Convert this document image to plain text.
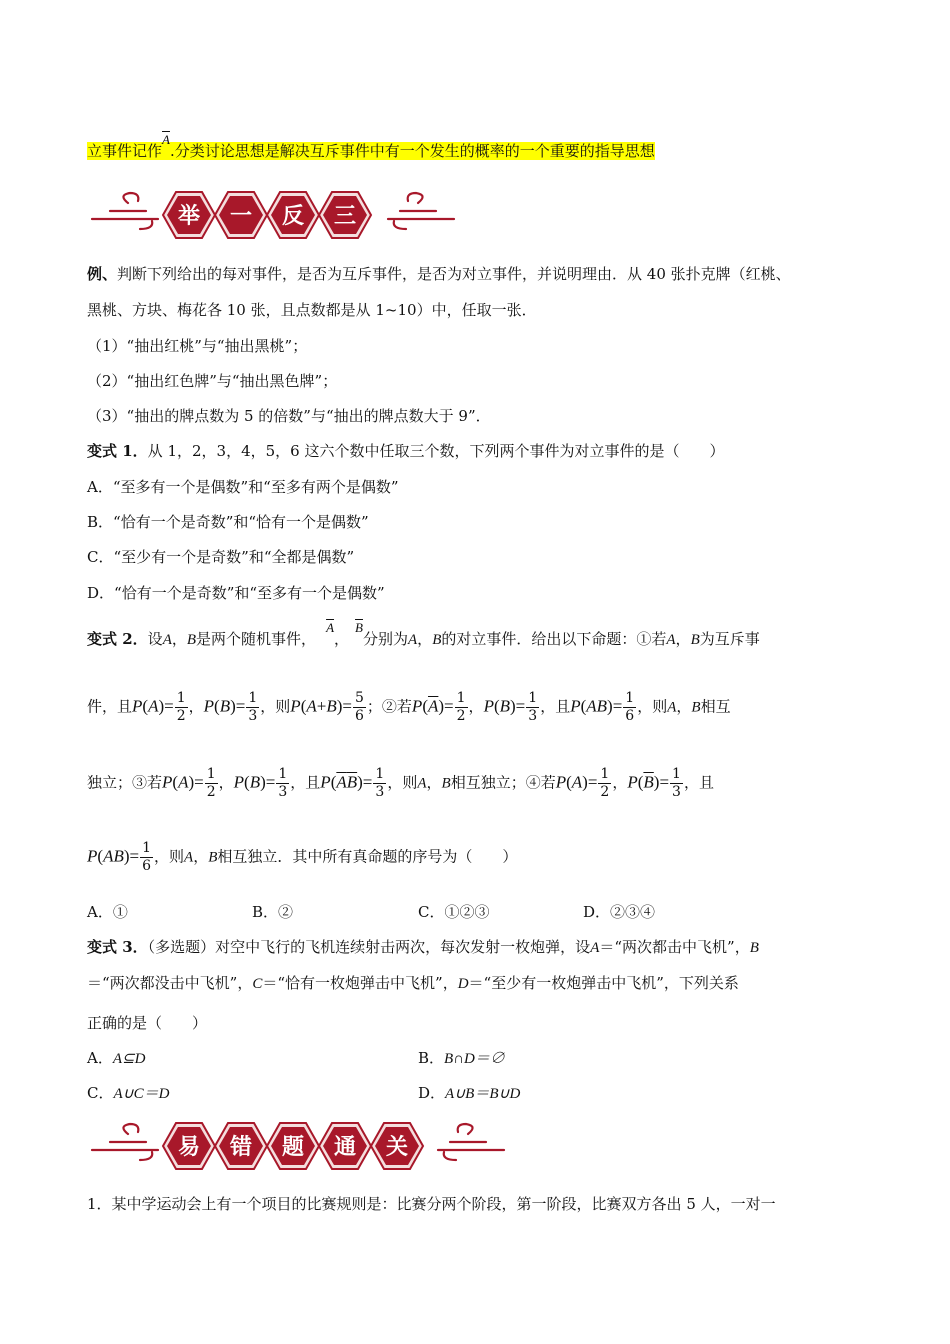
立事件记作$\overline{A}$.分类讨论思想是解决互斥事件中有一个发生的概率的一个重要的指导思想
举 一 反 三
例、判断下列给出的每对事件，是否为互斥事件，是否为对立事件，并说明理由．从 40 张扑克牌（红桃、
黑桃、方块、梅花各 10 张，且点数都是从 1~10）中，任取一张．
（1）“抽出红桃”与“抽出黑桃”；
（2）“抽出红色牌”与“抽出黑色牌”；
（3）“抽出的牌点数为 5 的倍数”与“抽出的牌点数大于 9”．
变式 1．从 1，2，3，4，5，6 这六个数中任取三个数，下列两个事件为对立事件的是（　　）
A．“至多有一个是偶数”和“至多有两个是偶数”
B．“恰有一个是奇数”和“恰有一个是偶数”
C．“至少有一个是奇数”和“全都是偶数”
D．“恰有一个是奇数”和“至多有一个是偶数”
变式 2．设A，B是两个随机事件，$\overline{A}$，$\overline{B}$分别为A，B的对立事件．给出以下命题：①若A，B为互斥事
件，且$P(A)= \frac{1}{2}$ ，$P(B)= \frac{1}{3}$ ，则$P(A+B)= \frac{5}{6}$ ；②若$P(\overline{A})= \frac{1}{2}$ ，$P(B)= \frac{1}{3}$ ，且$P(AB)= \frac{1}{6}$ ，则A，B相互
独立；③若$P(A)= \frac{1}{2}$ ，$P(B)= \frac{1}{3}$ ，且$P(AB)= \frac{1}{3}$ ，则A，B相互独立；④若$P(A)= \frac{1}{2}$ ，$P(\overline{B})= \frac{1}{3}$ ，且
$P(AB)= \frac{1}{6}$ ，则A，B相互独立．其中所有真命题的序号为（　　）
A．①	B．②	C．①②③	D．②③④
变式 3．（多选题）对空中飞行的飞机连续射击两次，每次发射一枚炮弹，设A＝“两次都击中飞机”，B
＝“两次都没击中飞机”，C＝“恰有一枚炮弹击中飞机”，D＝“至少有一枚炮弹击中飞机”，下列关系
正确的是（　　）
A．A⊆D	B．B∩D＝∅
C．A∪C＝D	D．A∪B＝B∪D
易 错 题 通 关
1．某中学运动会上有一个项目的比赛规则是：比赛分两个阶段，第一阶段，比赛双方各出 5 人，一对一
